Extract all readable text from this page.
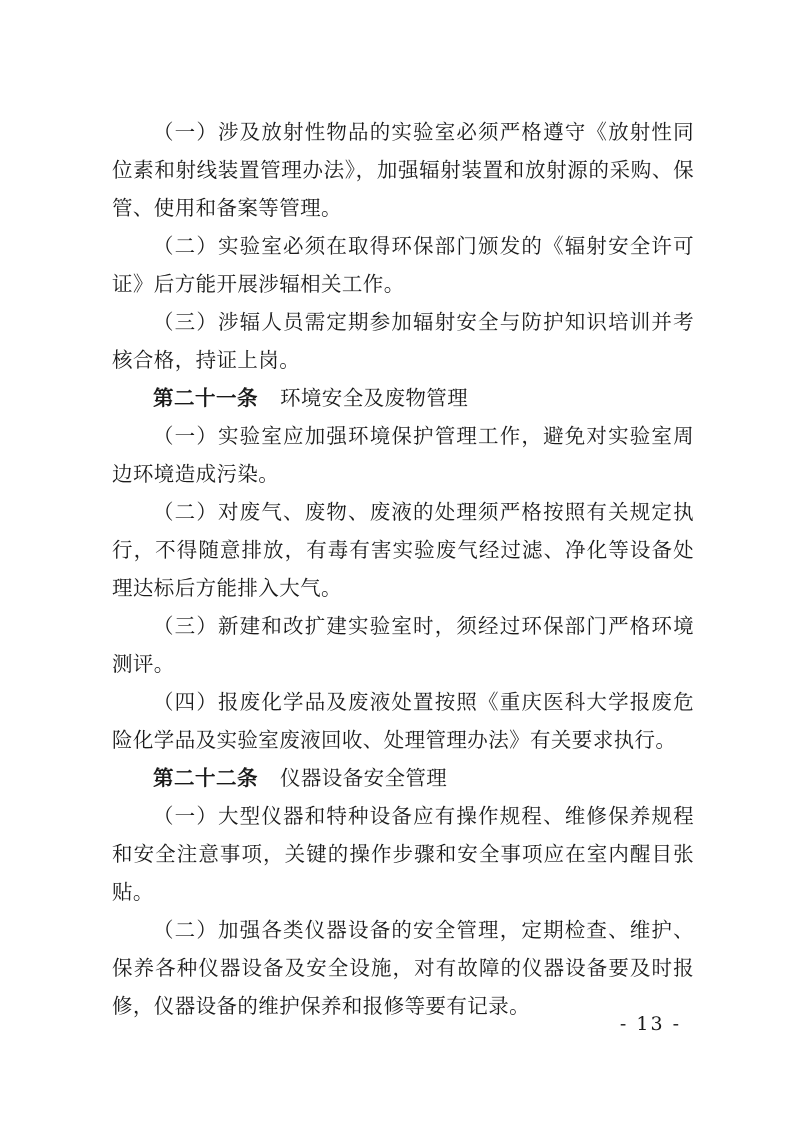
（一）涉及放射性物品的实验室必须严格遵守《放射性同位素和射线装置管理办法》，加强辐射装置和放射源的采购、保管、使用和备案等管理。

（二）实验室必须在取得环保部门颁发的《辐射安全许可证》后方能开展涉辐相关工作。

（三）涉辐人员需定期参加辐射安全与防护知识培训并考核合格，持证上岗。

第二十一条 环境安全及废物管理

（一）实验室应加强环境保护管理工作，避免对实验室周边环境造成污染。

（二）对废气、废物、废液的处理须严格按照有关规定执行，不得随意排放，有毒有害实验废气经过滤、净化等设备处理达标后方能排入大气。

（三）新建和改扩建实验室时，须经过环保部门严格环境测评。

（四）报废化学品及废液处置按照《重庆医科大学报废危险化学品及实验室废液回收、处理管理办法》有关要求执行。

第二十二条 仪器设备安全管理

（一）大型仪器和特种设备应有操作规程、维修保养规程和安全注意事项，关键的操作步骤和安全事项应在室内醒目张贴。

（二）加强各类仪器设备的安全管理，定期检查、维护、保养各种仪器设备及安全设施，对有故障的仪器设备要及时报修，仪器设备的维护保养和报修等要有记录。

- 13 -
